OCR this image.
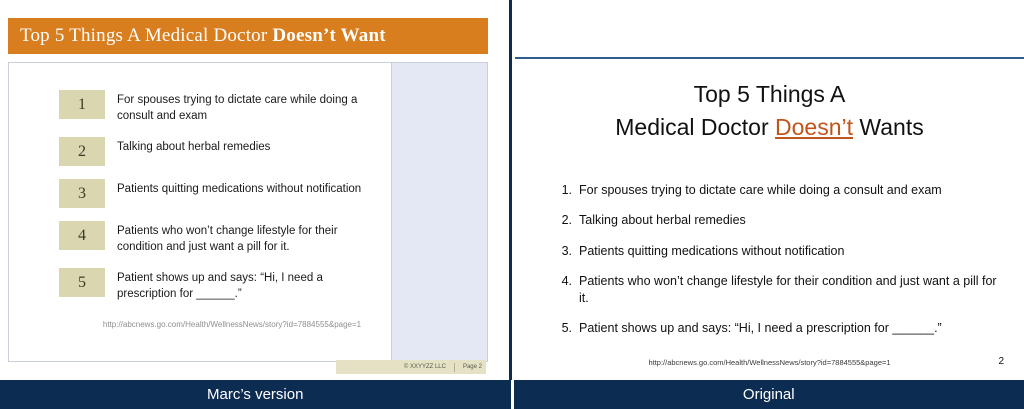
Top 5 Things A Medical Doctor Doesn’t Want
1	For spouses trying to dictate care while doing a consult and exam
2	Talking about herbal remedies
3	Patients quitting medications without notification
4	Patients who won’t change lifestyle for their condition and just want a pill for it.
5	Patient shows up and says: “Hi, I need a prescription for ______.”
http://abcnews.go.com/Health/WellnessNews/story?id=7884555&page=1
© XXYYZZ LLC	Page 2
Top 5 Things A
Medical Doctor Doesn’t Wants
1. For spouses trying to dictate care while doing a consult and exam
2. Talking about herbal remedies
3. Patients quitting medications without notification
4. Patients who won’t change lifestyle for their condition and just want a pill for it.
5. Patient shows up and says: “Hi, I need a prescription for ______.”
http://abcnews.go.com/Health/WellnessNews/story?id=7884555&page=1	2
Marc’s version	Original
